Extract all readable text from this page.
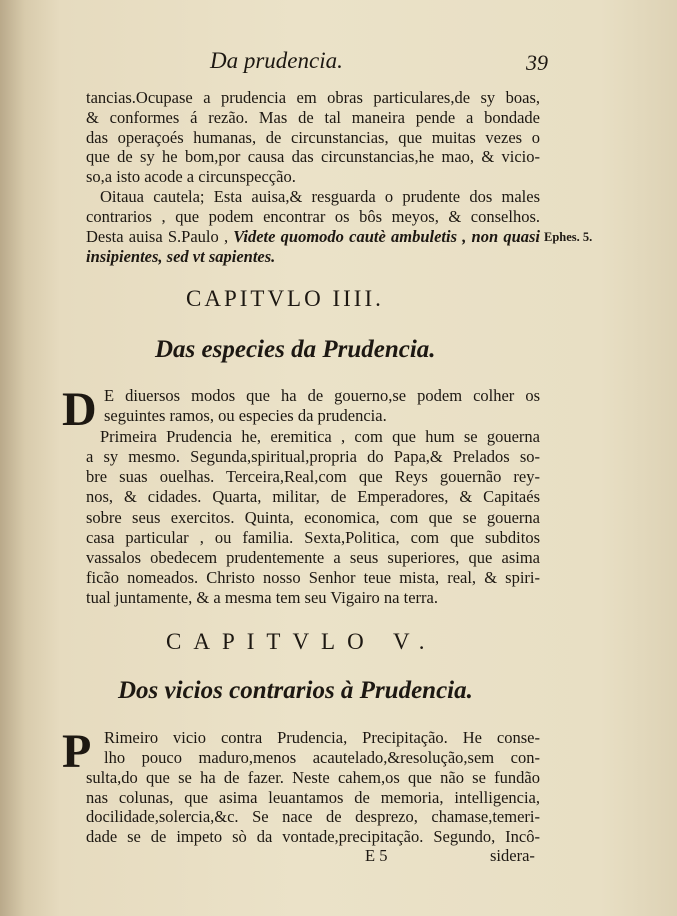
Da prudencia.	39
tancias.Ocupase a prudencia em obras particulares,de sy boas,
& conformes á rezão. Mas de tal maneira pende a bondade
das operaçoés humanas, de circunstancias, que muitas vezes o
que de sy he bom,por causa das circunstancias,he mao, & vicio-
so,a isto acode a circunspecção.
Oitaua cautela; Esta auisa,& resguarda o prudente dos males
contrarios , que podem encontrar os bôs meyos, & conselhos.
Desta auisa S.Paulo , Videte quomodo cautè ambuletis , non quasi Ephes. 5.
insipientes, sed vt sapientes.
CAPITVLO IIII.
Das especies da Prudencia.
D E diuersos modos que ha de gouerno,se podem colher os
seguintes ramos, ou especies da prudencia.
Primeira Prudencia he, eremitica , com que hum se gouerna
a sy mesmo. Segunda,spiritual,propria do Papa,& Prelados so-
bre suas ouelhas. Terceira,Real,com que Reys gouernão rey-
nos, & cidades. Quarta, militar, de Emperadores, & Capitaés
sobre seus exercitos. Quinta, economica, com que se gouerna
casa particular , ou familia. Sexta,Politica, com que subditos
vassalos obedecem prudentemente a seus superiores, que asima
ficão nomeados. Christo nosso Senhor teue mista, real, & spiri-
tual juntamente, & a mesma tem seu Vigairo na terra.
CAPITVLO V.
Dos vicios contrarios à Prudencia.
P Rimeiro vicio contra Prudencia, Precipitação. He conse-
lho pouco maduro,menos acautelado,&resolução,sem con-
sulta,do que se ha de fazer. Neste cahem,os que não se fundão
nas colunas, que asima leuantamos de memoria, intelligencia,
docilidade,solercia,&c. Se nace de desprezo, chamase,temeri-
dade se de impeto sò da vontade,precipitação. Segundo, Incô-
E 5	sidera-
